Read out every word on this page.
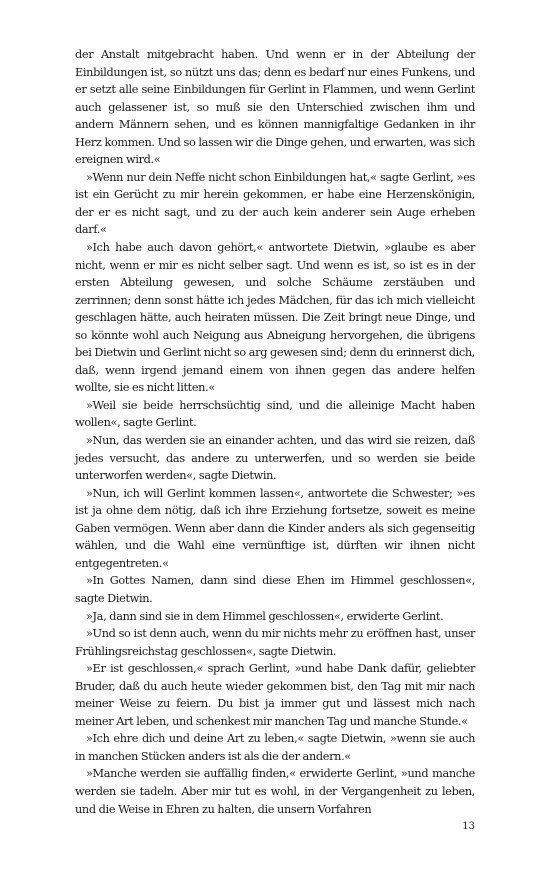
der Anstalt mitgebracht haben. Und wenn er in der Abteilung der Einbildungen ist, so nützt uns das; denn es bedarf nur eines Funkens, und er setzt alle seine Einbildungen für Gerlint in Flammen, und wenn Gerlint auch gelassener ist, so muß sie den Unterschied zwischen ihm und andern Männern sehen, und es können mannigfaltige Gedanken in ihr Herz kommen. Und so lassen wir die Dinge gehen, und erwarten, was sich ereignen wird.«

»Wenn nur dein Neffe nicht schon Einbildungen hat,« sagte Gerlint, »es ist ein Gerücht zu mir herein gekommen, er habe eine Herzenskönigin, der er es nicht sagt, und zu der auch kein anderer sein Auge erheben darf.«

»Ich habe auch davon gehört,« antwortete Dietwin, »glaube es aber nicht, wenn er mir es nicht selber sagt. Und wenn es ist, so ist es in der ersten Abteilung gewesen, und solche Schäume zerstäuben und zerrinnen; denn sonst hätte ich jedes Mädchen, für das ich mich vielleicht geschlagen hätte, auch heiraten müssen. Die Zeit bringt neue Dinge, und so könnte wohl auch Neigung aus Abneigung hervorgehen, die übrigens bei Dietwin und Gerlint nicht so arg gewesen sind; denn du erinnerst dich, daß, wenn irgend jemand einem von ihnen gegen das andere helfen wollte, sie es nicht litten.«

»Weil sie beide herrschsüchtig sind, und die alleinige Macht haben wollen«, sagte Gerlint.

»Nun, das werden sie an einander achten, und das wird sie reizen, daß jedes versucht, das andere zu unterwerfen, und so werden sie beide unterworfen werden«, sagte Dietwin.

»Nun, ich will Gerlint kommen lassen«, antwortete die Schwester; »es ist ja ohne dem nötig, daß ich ihre Erziehung fortsetze, soweit es meine Gaben vermögen. Wenn aber dann die Kinder anders als sich gegenseitig wählen, und die Wahl eine vernünftige ist, dürften wir ihnen nicht entgegentreten.«

»In Gottes Namen, dann sind diese Ehen im Himmel geschlossen«, sagte Dietwin.

»Ja, dann sind sie in dem Himmel geschlossen«, erwiderte Gerlint.

»Und so ist denn auch, wenn du mir nichts mehr zu eröffnen hast, unser Frühlingsreichstag geschlossen«, sagte Dietwin.

»Er ist geschlossen,« sprach Gerlint, »und habe Dank dafür, geliebter Bruder, daß du auch heute wieder gekommen bist, den Tag mit mir nach meiner Weise zu feiern. Du bist ja immer gut und lässest mich nach meiner Art leben, und schenkest mir manchen Tag und manche Stunde.«

»Ich ehre dich und deine Art zu leben,« sagte Dietwin, »wenn sie auch in manchen Stücken anders ist als die der andern.«

»Manche werden sie auffällig finden,« erwiderte Gerlint, »und manche werden sie tadeln. Aber mir tut es wohl, in der Vergangenheit zu leben, und die Weise in Ehren zu halten, die unsern Vorfahren

13
